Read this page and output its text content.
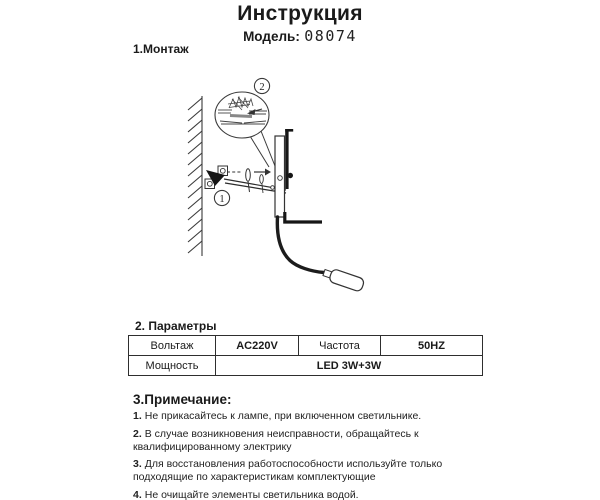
Инструкция
Модель: 08074
1.Монтаж
2
1
2. Параметры
Вольтаж	AC220V	Частота	50HZ
Мощность	LED 3W+3W		
3.Примечание:

1. Не прикасайтесь к лампе, при включенном светильнике.

2. В случае возникновения неисправности, обращайтесь к квалифицированному электрику

3. Для восстановления работоспособности используйте только подходящие по характеристикам комплектующие

4. Не очищайте элементы светильника водой.
